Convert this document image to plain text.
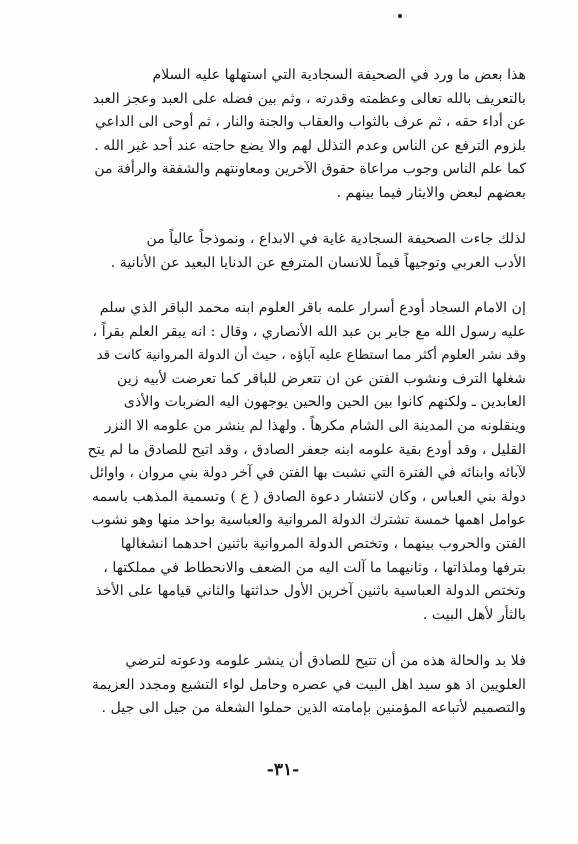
هذا بعض ما ورد في الصحيفة السجادية التي استهلها عليه السلام
بالتعريف بالله تعالى وعظمته وقدرته ، وثم بين فضله على العبد وعجز العبد
عن أداء حقه ، ثم عرف بالثواب والعقاب والجنة والنار ، ثم أوحى الى الداعي
بلزوم الترفع عن الناس وعدم التذلل لهم والا يضع حاجته عند أحد غير الله .
كما علم الناس وجوب مراعاة حقوق الآخرين ومعاونتهم والشفقة والرأفة من
بعضهم لبعض والايثار فيما بينهم .
لذلك جاءت الصحيفة السجادية غاية في الابداع ، ونموذجاً عالياً من
الأدب العربي وتوجيهاً قيماً للانسان المترفع عن الدنايا البعيد عن الأنانية .
إن الامام السجاد أودع أسرار علمه باقر العلوم ابنه محمد الباقر الذي سلم
عليه رسول الله مع جابر بن عبد الله الأنصاري ، وقال : انه يبقر العلم بقراً ،
وقد نشر العلوم أكثر مما استطاع عليه آباؤه ، حيث أن الدولة المروانية كانت قد
شغلها الترف ونشوب الفتن عن ان تتعرض للباقر كما تعرضت لأبيه زين
العابدين ـ ولكنهم كانوا بين الحين والحين يوجهون اليه الضربات والأذى
وينقلونه من المدينة الى الشام مكرهاً . ولهذا لم ينشر من علومه الا النزر
القليل ، وقد أودع بقية علومه ابنه جعفر الصادق ، وقد اتيح للصادق ما لم يتح
لآبائه وابنائه في الفترة التي نشبت بها الفتن في آخر دولة بني مروان ، واوائل
دولة بني العباس ، وكان لانتشار دعوة الصادق ( ع ) وتسمية المذهب باسمه
عوامل اهمها خمسة تشترك الدولة المروانية والعباسية بواحد منها وهو نشوب
الفتن والحروب بينهما ، وتختص الدولة المروانية باثنين احدهما انشغالها
بترفها وملذاتها ، وثانيهما ما آلت اليه من الضعف والانحطاط في مملكتها ،
وتختص الدولة العباسية باثنين آخرين الأول حداثتها والثاني قيامها على الأخذ
بالثأر لأهل البيت .
فلا بد والحالة هذه من أن تتيح للصادق أن ينشر علومه ودعوته لترضي
العلويين اذ هو سيد اهل البيت في عصره وحامل لواء التشيع ومجدد العزيمة
والتصميم لأتباعه المؤمنين بإمامته الذين حملوا الشعلة من جيل الى جيل .
-٣١-
